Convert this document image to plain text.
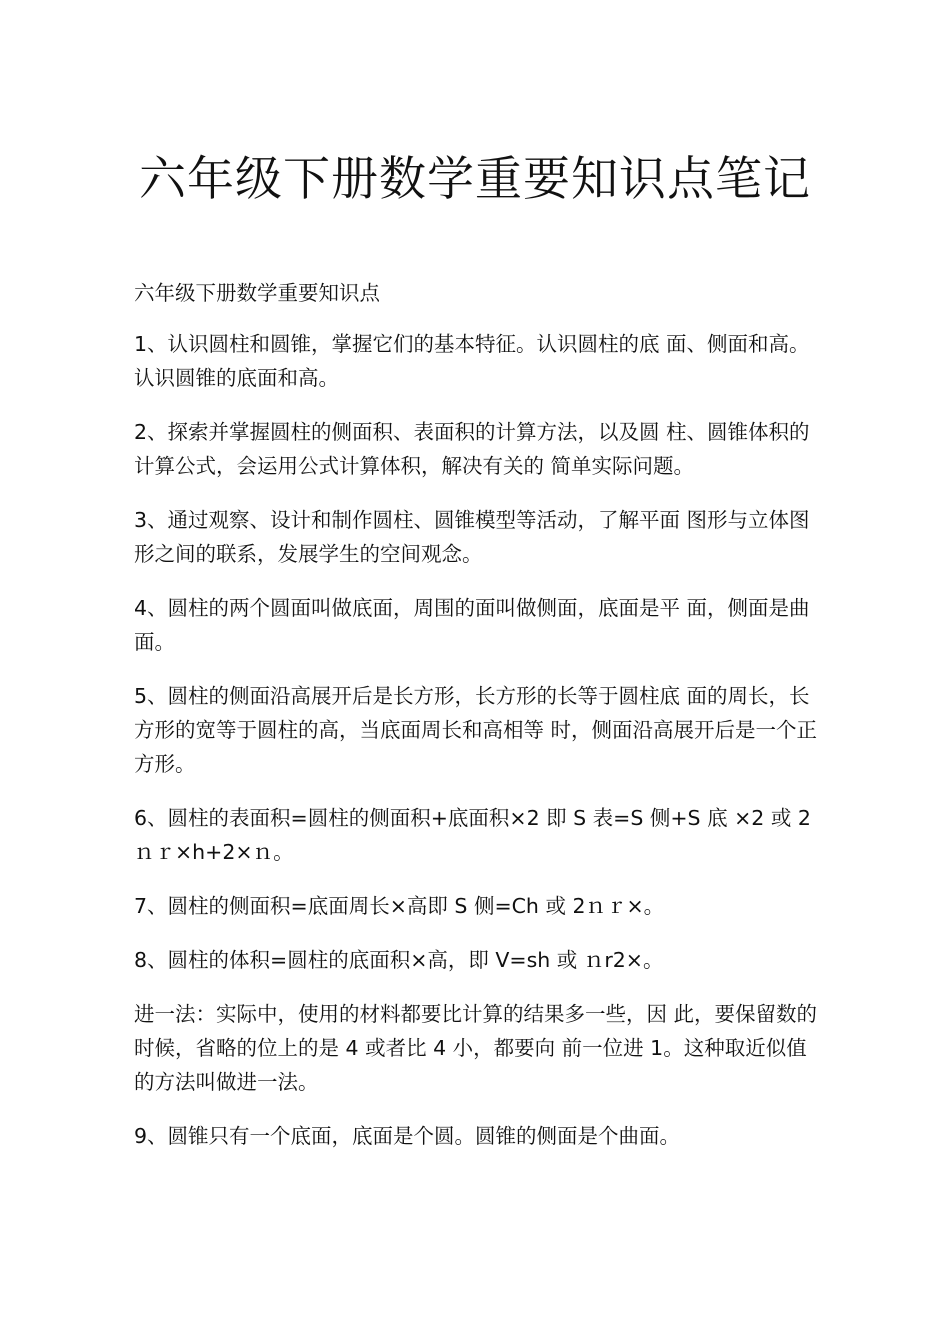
六年级下册数学重要知识点笔记

六年级下册数学重要知识点

1、认识圆柱和圆锥，掌握它们的基本特征。认识圆柱的底 面、侧面和高。认识圆锥的底面和高。

2、探索并掌握圆柱的侧面积、表面积的计算方法，以及圆 柱、圆锥体积的计算公式，会运用公式计算体积，解决有关的 简单实际问题。

3、通过观察、设计和制作圆柱、圆锥模型等活动，了解平面 图形与立体图形之间的联系，发展学生的空间观念。

4、圆柱的两个圆面叫做底面，周围的面叫做侧面，底面是平 面，侧面是曲面。

5、圆柱的侧面沿高展开后是长方形，长方形的长等于圆柱底 面的周长，长方形的宽等于圆柱的高，当底面周长和高相等 时，侧面沿高展开后是一个正方形。

6、圆柱的表面积=圆柱的侧面积+底面积×2 即 S 表=S 侧+S 底 ×2 或 2ｎｒ×h+2×ｎ。

7、圆柱的侧面积=底面周长×高即 S 侧=Ch 或 2ｎｒ×。

8、圆柱的体积=圆柱的底面积×高，即 V=sh 或 ｎr2×。

进一法：实际中，使用的材料都要比计算的结果多一些，因 此，要保留数的时候，省略的位上的是 4 或者比 4 小，都要向 前一位进 1。这种取近似值的方法叫做进一法。

9、圆锥只有一个底面，底面是个圆。圆锥的侧面是个曲面。
